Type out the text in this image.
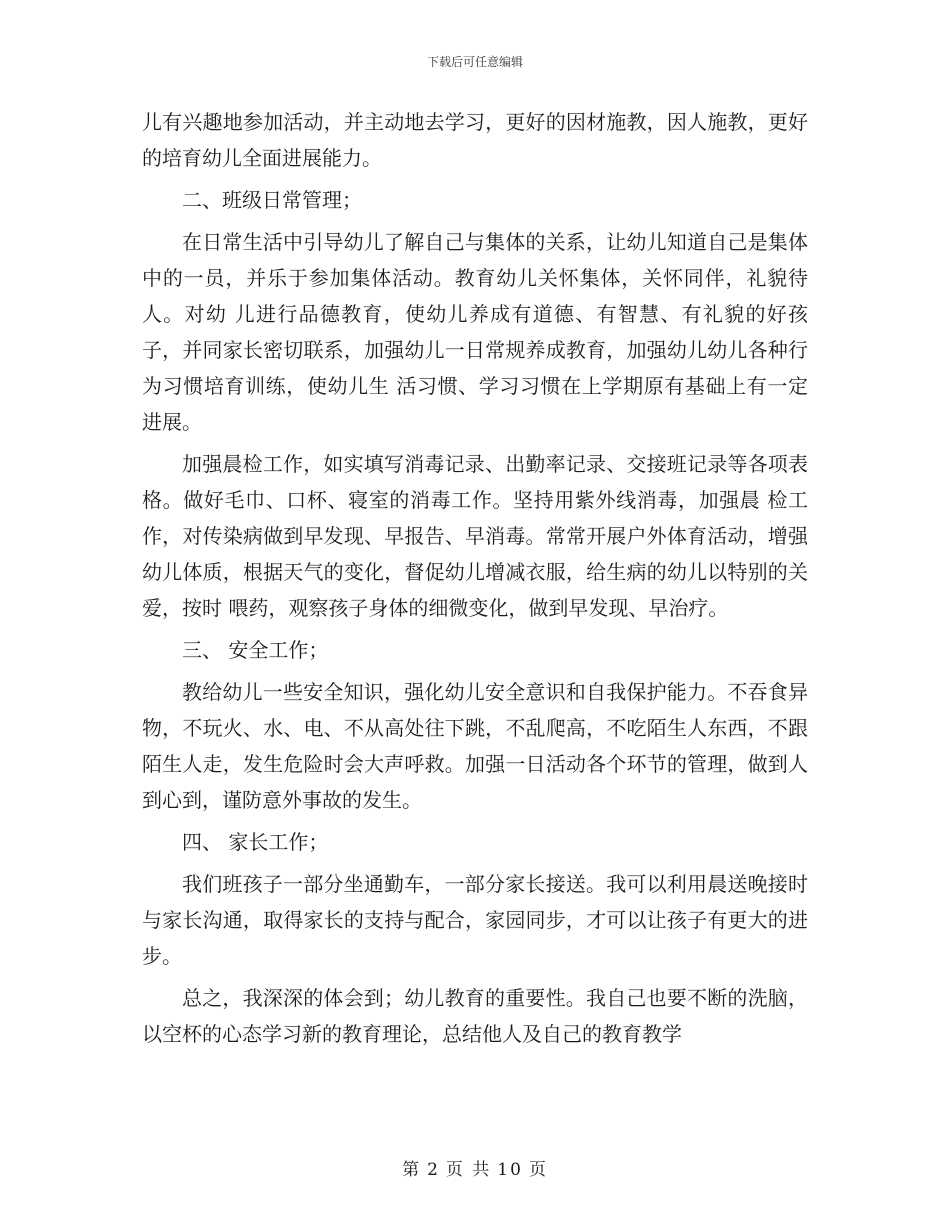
下载后可任意编辑

儿有兴趣地参加活动，并主动地去学习，更好的因材施教，因人施教，更好的培育幼儿全面进展能力。

二、班级日常管理；

在日常生活中引导幼儿了解自己与集体的关系，让幼儿知道自己是集体中的一员，并乐于参加集体活动。教育幼儿关怀集体，关怀同伴，礼貌待人。对幼 儿进行品德教育，使幼儿养成有道德、有智慧、有礼貌的好孩子，并同家长密切联系，加强幼儿一日常规养成教育，加强幼儿幼儿各种行为习惯培育训练，使幼儿生 活习惯、学习习惯在上学期原有基础上有一定进展。

加强晨检工作，如实填写消毒记录、出勤率记录、交接班记录等各项表格。做好毛巾、口杯、寝室的消毒工作。坚持用紫外线消毒，加强晨 检工作，对传染病做到早发现、早报告、早消毒。常常开展户外体育活动，增强幼儿体质，根据天气的变化，督促幼儿增减衣服，给生病的幼儿以特别的关爱，按时 喂药，观察孩子身体的细微变化，做到早发现、早治疗。

三、 安全工作；

教给幼儿一些安全知识，强化幼儿安全意识和自我保护能力。不吞食异物，不玩火、水、电、不从高处往下跳，不乱爬高，不吃陌生人东西，不跟陌生人走，发生危险时会大声呼救。加强一日活动各个环节的管理，做到人到心到，谨防意外事故的发生。

四、 家长工作；

我们班孩子一部分坐通勤车，一部分家长接送。我可以利用晨送晚接时与家长沟通，取得家长的支持与配合，家园同步，才可以让孩子有更大的进步。

总之，我深深的体会到；幼儿教育的重要性。我自己也要不断的洗脑，以空杯的心态学习新的教育理论，总结他人及自己的教育教学

第 2 页 共 10 页
